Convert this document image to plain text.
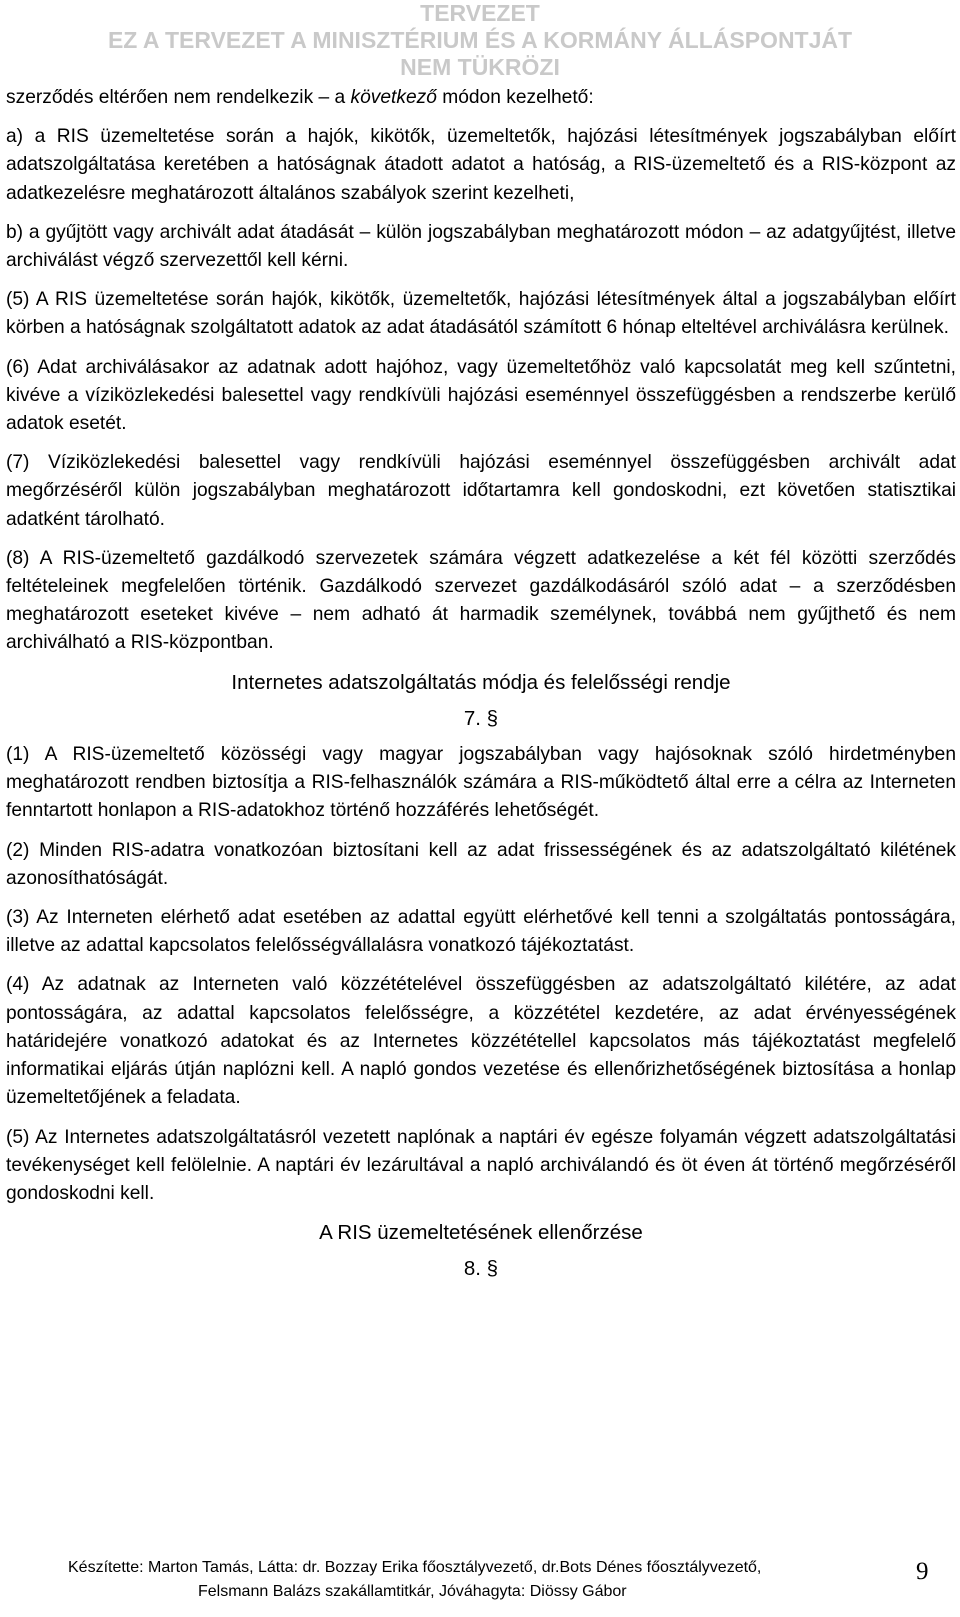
TERVEZET
EZ A TERVEZET A MINISZTÉRIUM ÉS A KORMÁNY ÁLLÁSPONTJÁT
NEM TÜKRÖZI

szerződés eltérően nem rendelkezik – a következő módon kezelhető:

a) a RIS üzemeltetése során a hajók, kikötők, üzemeltetők, hajózási létesítmények jogszabályban előírt adatszolgáltatása keretében a hatóságnak átadott adatot a hatóság, a RIS-üzemeltető és a RIS-központ az adatkezelésre meghatározott általános szabályok szerint kezelheti,

b) a gyűjtött vagy archivált adat átadását – külön jogszabályban meghatározott módon – az adatgyűjtést, illetve archiválást végző szervezettől kell kérni.

(5) A RIS üzemeltetése során hajók, kikötők, üzemeltetők, hajózási létesítmények által a jogszabályban előírt körben a hatóságnak szolgáltatott adatok az adat átadásától számított 6 hónap elteltével archiválásra kerülnek.

(6) Adat archiválásakor az adatnak adott hajóhoz, vagy üzemeltetőhöz való kapcsolatát meg kell szűntetni, kivéve a víziközlekedési balesettel vagy rendkívüli hajózási eseménnyel összefüggésben a rendszerbe kerülő adatok esetét.

(7) Víziközlekedési balesettel vagy rendkívüli hajózási eseménnyel összefüggésben archivált adat megőrzéséről külön jogszabályban meghatározott időtartamra kell gondoskodni, ezt követően statisztikai adatként tárolható.

(8) A RIS-üzemeltető gazdálkodó szervezetek számára végzett adatkezelése a két fél közötti szerződés feltételeinek megfelelően történik. Gazdálkodó szervezet gazdálkodásáról szóló adat – a szerződésben meghatározott eseteket kivéve – nem adható át harmadik személynek, továbbá nem gyűjthető és nem archiválható a RIS-központban.

Internetes adatszolgáltatás módja és felelősségi rendje

7. §

(1) A RIS-üzemeltető közösségi vagy magyar jogszabályban vagy hajósoknak szóló hirdetményben meghatározott rendben biztosítja a RIS-felhasználók számára a RIS-működtető által erre a célra az Interneten fenntartott honlapon a RIS-adatokhoz történő hozzáférés lehetőségét.

(2) Minden RIS-adatra vonatkozóan biztosítani kell az adat frissességének és az adatszolgáltató kilétének azonosíthatóságát.

(3) Az Interneten elérhető adat esetében az adattal együtt elérhetővé kell tenni a szolgáltatás pontosságára, illetve az adattal kapcsolatos felelősségvállalásra vonatkozó tájékoztatást.

(4) Az adatnak az Interneten való közzétételével összefüggésben az adatszolgáltató kilétére, az adat pontosságára, az adattal kapcsolatos felelősségre, a közzététel kezdetére, az adat érvényességének határidejére vonatkozó adatokat és az Internetes közzététellel kapcsolatos más tájékoztatást megfelelő informatikai eljárás útján naplózni kell. A napló gondos vezetése és ellenőrizhetőségének biztosítása a honlap üzemeltetőjének a feladata.

(5) Az Internetes adatszolgáltatásról vezetett naplónak a naptári év egésze folyamán végzett adatszolgáltatási tevékenységet kell felölelnie. A naptári év lezárultával a napló archiválandó és öt éven át történő megőrzéséről gondoskodni kell.

A RIS üzemeltetésének ellenőrzése

8. §

Készítette: Marton Tamás, Látta: dr. Bozzay Erika főosztályvezető, dr.Bots Dénes főosztályvezető,
Felsmann Balázs szakállamtitkár, Jóváhagyta: Diössy Gábor
9
